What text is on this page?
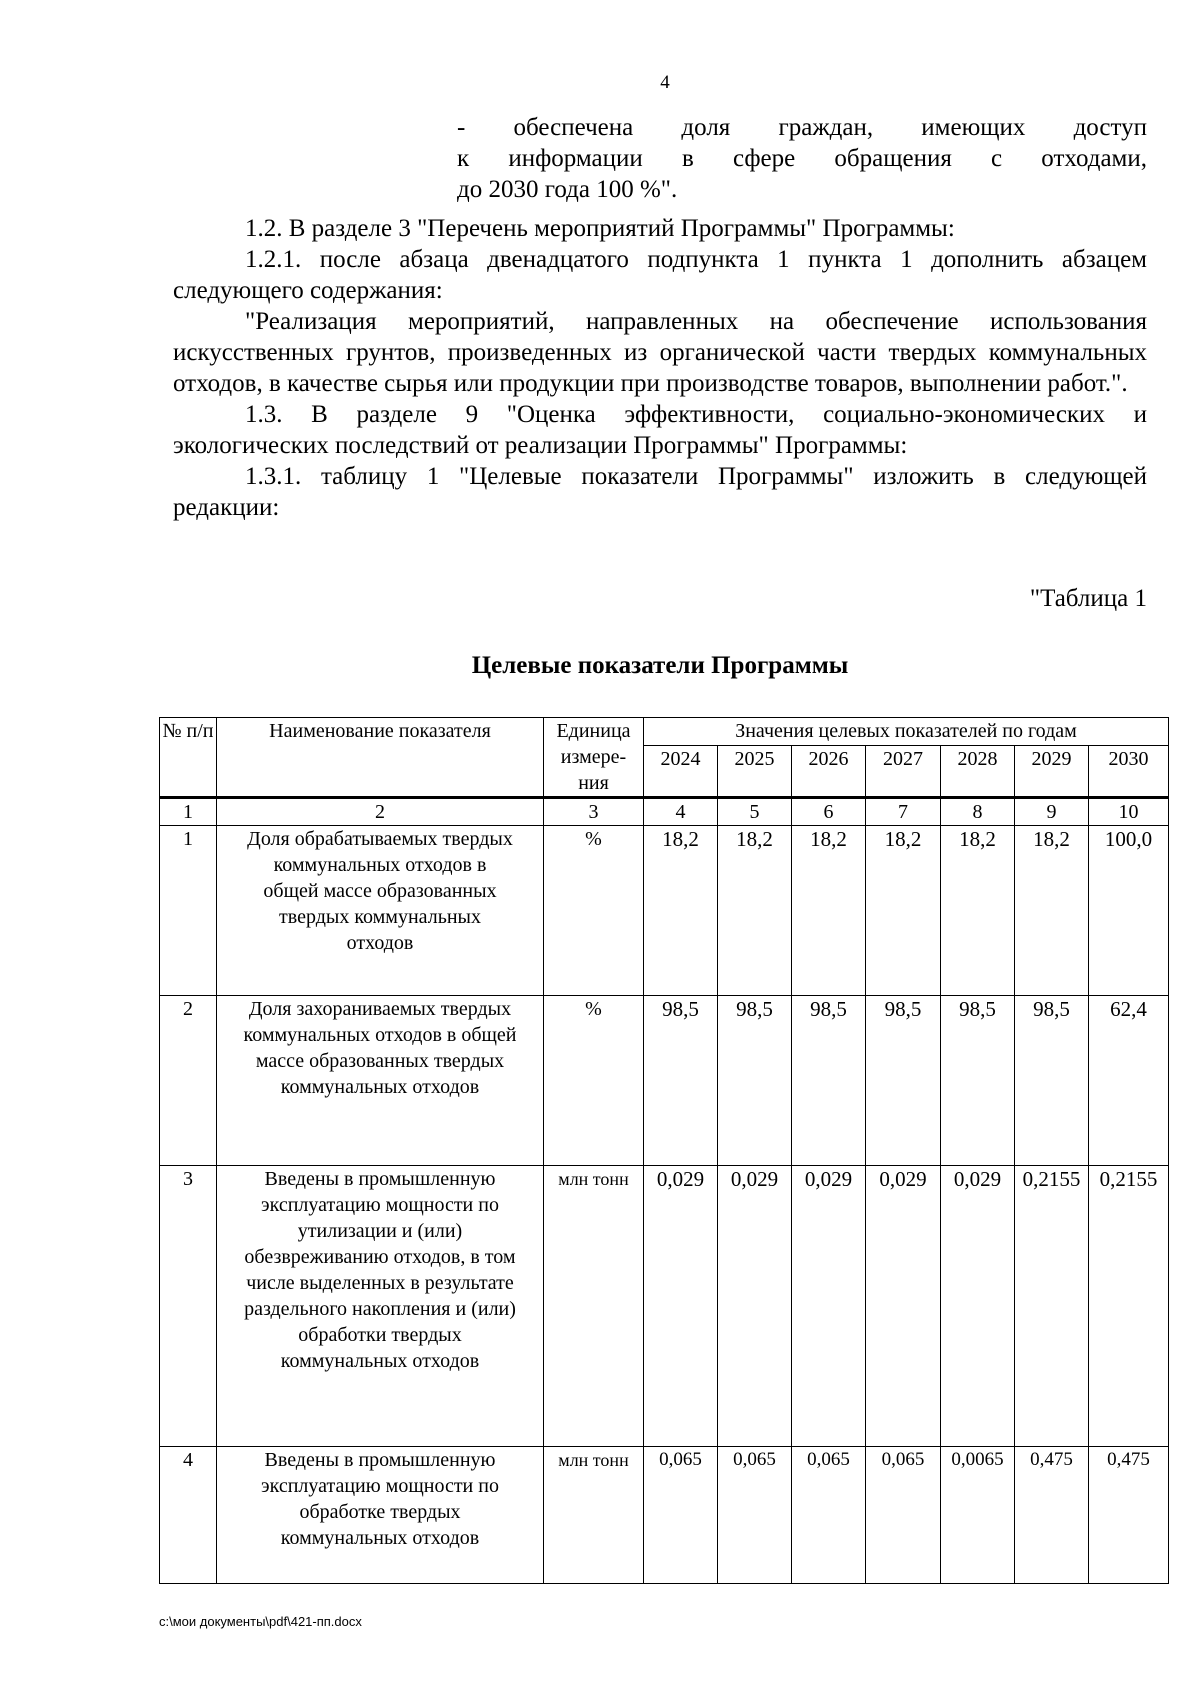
4
- обеспечена доля граждан, имеющих доступ
к информации в сфере обращения с отходами,
до 2030 года 100 %".

1.2. В разделе 3 "Перечень мероприятий Программы" Программы:

1.2.1. после абзаца двенадцатого подпункта 1 пункта 1 дополнить абзацем следующего содержания:

"Реализация мероприятий, направленных на обеспечение использования искусственных грунтов, произведенных из органической части твердых коммунальных отходов, в качестве сырья или продукции при производстве товаров, выполнении работ.".

1.3. В разделе 9 "Оценка эффективности, социально-экономических и экологических последствий от реализации Программы" Программы:

1.3.1. таблицу 1 "Целевые показатели Программы" изложить в следующей редакции:

"Таблица 1
Целевые показатели Программы
№ п/п	Наименование показателя	Единица измере-ния	Значения целевых показателей по годам						
			2024	2025	2026	2027	2028	2029	2030
1	2	3	4	5	6	7	8	9	10
1	Доля обрабатываемых твердых коммунальных отходов в общей массе образованных твердых коммунальных отходов	%	18,2	18,2	18,2	18,2	18,2	18,2	100,0
2	Доля захораниваемых твердых коммунальных отходов в общей массе образованных твердых коммунальных отходов	%	98,5	98,5	98,5	98,5	98,5	98,5	62,4
3	Введены в промышленную эксплуатацию мощности по утилизации и (или) обезвреживанию отходов, в том числе выделенных в результате раздельного накопления и (или) обработки твердых коммунальных отходов	млн тонн	0,029	0,029	0,029	0,029	0,029	0,2155	0,2155
4	Введены в промышленную эксплуатацию мощности по обработке твердых коммунальных отходов	млн тонн	0,065	0,065	0,065	0,065	0,0065	0,475	0,475
c:\мои документы\pdf\421-пп.docx
